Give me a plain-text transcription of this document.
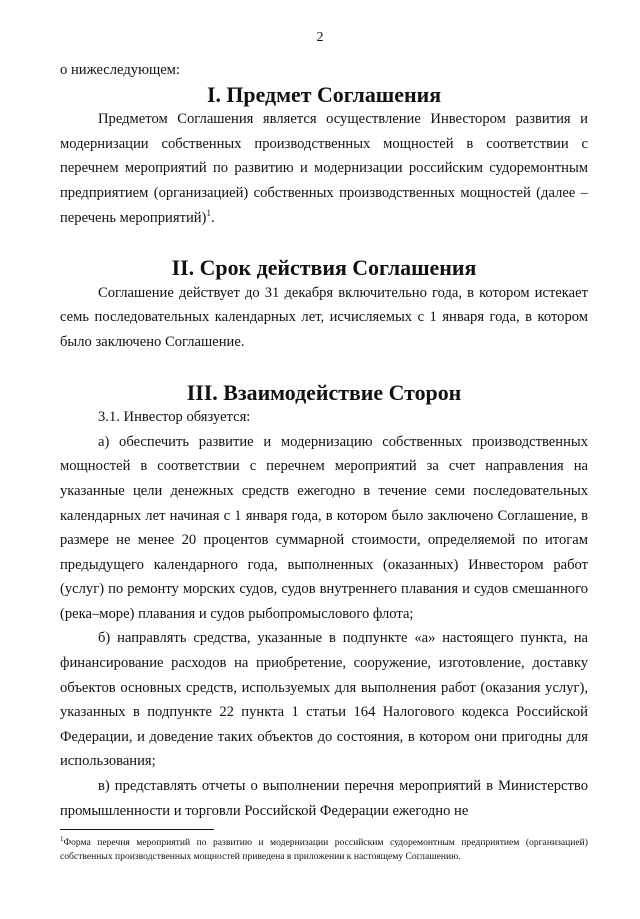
2

о нижеследующем:

I. Предмет Соглашения

Предметом Соглашения является осуществление Инвестором развития и модернизации собственных производственных мощностей в соответствии с перечнем мероприятий по развитию и модернизации российским судоремонтным предприятием (организацией) собственных производственных мощностей (далее – перечень мероприятий)$^1$.

II. Срок действия Соглашения

Соглашение действует до 31 декабря включительно года, в котором истекает семь последовательных календарных лет, исчисляемых с 1 января года, в котором было заключено Соглашение.

III. Взаимодействие Сторон

3.1. Инвестор обязуется:

а) обеспечить развитие и модернизацию собственных производственных мощностей в соответствии с перечнем мероприятий за счет направления на указанные цели денежных средств ежегодно в течение семи последовательных календарных лет начиная с 1 января года, в котором было заключено Соглашение, в размере не менее 20 процентов суммарной стоимости, определяемой по итогам предыдущего календарного года, выполненных (оказанных) Инвестором работ (услуг) по ремонту морских судов, судов внутреннего плавания и судов смешанного (река–море) плавания и судов рыбопромыслового флота;

б) направлять средства, указанные в подпункте «а» настоящего пункта, на финансирование расходов на приобретение, сооружение, изготовление, доставку объектов основных средств, используемых для выполнения работ (оказания услуг), указанных в подпункте 22 пункта 1 статьи 164 Налогового кодекса Российской Федерации, и доведение таких объектов до состояния, в котором они пригодны для использования;

в) представлять отчеты о выполнении перечня мероприятий в Министерство промышленности и торговли Российской Федерации ежегодно не

$^1$Форма перечня мероприятий по развитию и модернизации российским судоремонтным предприятием (организацией) собственных производственных мощностей приведена в приложении к настоящему Соглашению.
